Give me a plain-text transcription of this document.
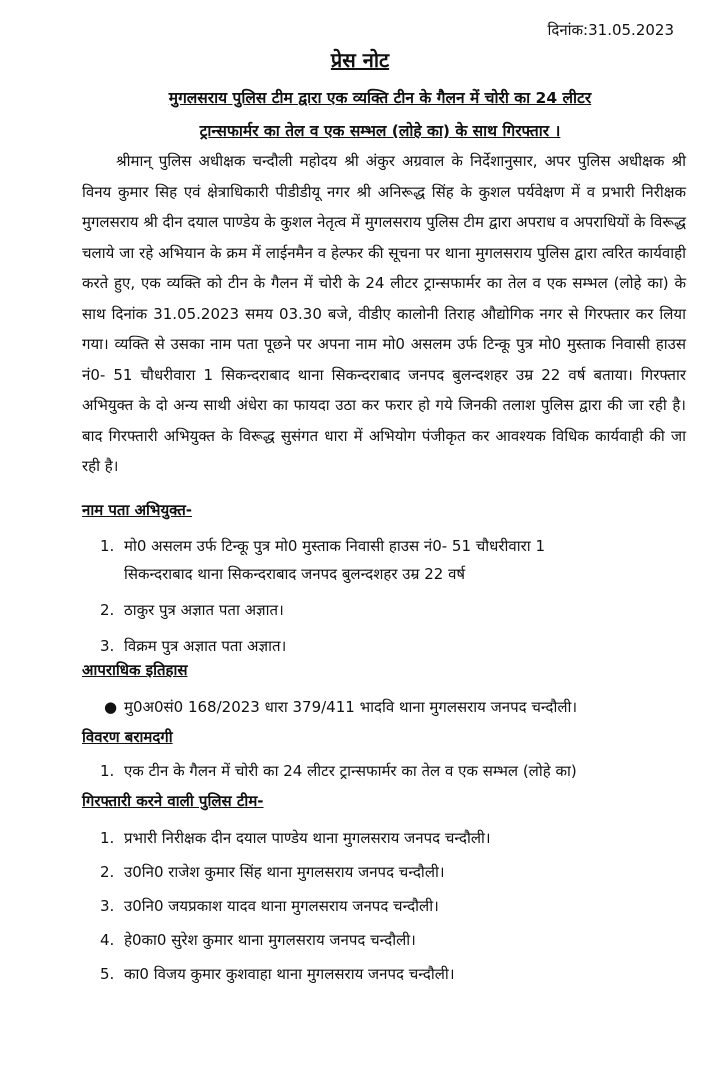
दिनांक:31.05.2023
प्रेस नोट
मुगलसराय पुलिस टीम द्वारा एक व्यक्ति टीन के गैलन में चोरी का 24 लीटर
ट्रान्सफार्मर का तेल व एक सम्भल (लोहे का) के साथ गिरफ्तार ।
श्रीमान् पुलिस अधीक्षक चन्दौली महोदय श्री अंकुर अग्रवाल के निर्देशानुसार, अपर पुलिस अधीक्षक श्री विनय कुमार सिह एवं क्षेत्राधिकारी पीडीडीयू नगर श्री अनिरूद्ध सिंह के कुशल पर्यवेक्षण में व प्रभारी निरीक्षक मुगलसराय श्री दीन दयाल पाण्डेय के कुशल नेतृत्व में मुगलसराय पुलिस टीम द्वारा अपराध व अपराधियों के विरूद्ध चलाये जा रहे अभियान के क्रम में लाईनमैन व हेल्फर की सूचना पर थाना मुगलसराय पुलिस द्वारा त्वरित कार्यवाही करते हुए, एक व्यक्ति को टीन के गैलन में चोरी के 24 लीटर ट्रान्सफार्मर का तेल व एक सम्भल (लोहे का) के साथ दिनांक 31.05.2023 समय 03.30 बजे, वीडीए कालोनी तिराह औद्योगिक नगर से गिरफ्तार कर लिया गया। व्यक्ति से उसका नाम पता पूछने पर अपना नाम मो0 असलम उर्फ टिन्कू पुत्र मो0 मुस्ताक निवासी हाउस नं0- 51 चौधरीवारा 1 सिकन्दराबाद थाना सिकन्दराबाद जनपद बुलन्दशहर उम्र 22 वर्ष बताया। गिरफ्तार अभियुक्त के दो अन्य साथी अंधेरा का फायदा उठा कर फरार हो गये जिनकी तलाश पुलिस द्वारा की जा रही है। बाद गिरफ्तारी अभियुक्त के विरूद्ध सुसंगत धारा में अभियोग पंजीकृत कर आवश्यक विधिक कार्यवाही की जा रही है।
नाम पता अभियुक्त-
1. मो0 असलम उर्फ टिन्कू पुत्र मो0 मुस्ताक निवासी हाउस नं0- 51 चौधरीवारा 1
सिकन्दराबाद थाना सिकन्दराबाद जनपद बुलन्दशहर उम्र 22 वर्ष
2. ठाकुर पुत्र अज्ञात पता अज्ञात।
3. विक्रम पुत्र अज्ञात पता अज्ञात।
आपराधिक इतिहास
● मु0अ0सं0 168/2023 धारा 379/411 भादवि थाना मुगलसराय जनपद चन्दौली।
विवरण बरामदगी
1. एक टीन के गैलन में चोरी का 24 लीटर ट्रान्सफार्मर का तेल व एक सम्भल (लोहे का)
गिरफ्तारी करने वाली पुलिस टीम-
1. प्रभारी निरीक्षक दीन दयाल पाण्डेय थाना मुगलसराय जनपद चन्दौली।
2. उ0नि0 राजेश कुमार सिंह थाना मुगलसराय जनपद चन्दौली।
3. उ0नि0 जयप्रकाश यादव थाना मुगलसराय जनपद चन्दौली।
4. हे0का0 सुरेश कुमार थाना मुगलसराय जनपद चन्दौली।
5. का0 विजय कुमार कुशवाहा थाना मुगलसराय जनपद चन्दौली।
